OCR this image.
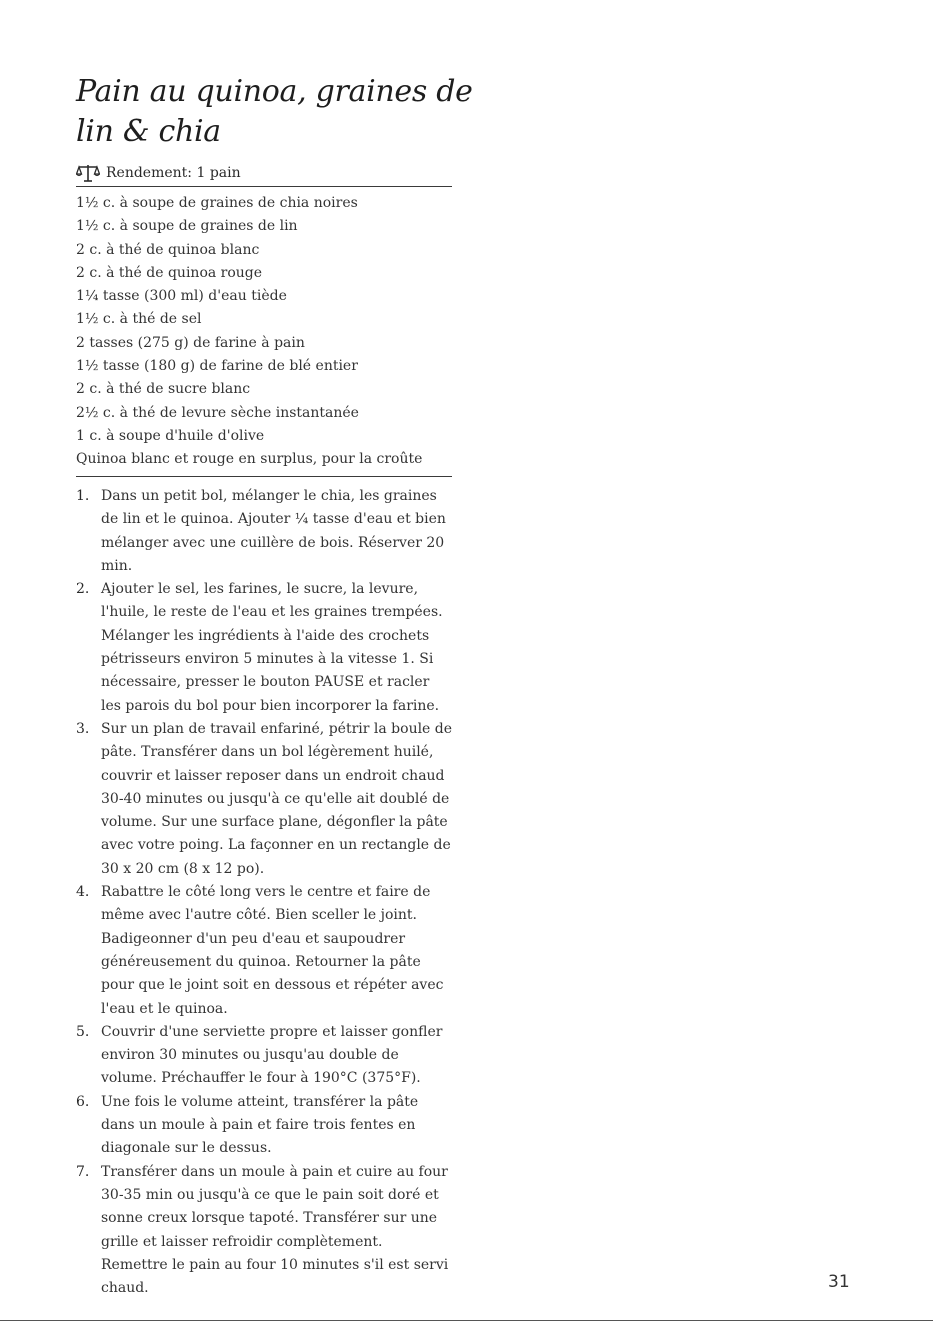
Pain au quinoa, graines de lin & chia
Rendement: 1 pain
1½ c. à soupe de graines de chia noires
1½ c. à soupe de graines de lin
2 c. à thé de quinoa blanc
2 c. à thé de quinoa rouge
1¼ tasse (300 ml) d'eau tiède
1½ c. à thé de sel
2 tasses (275 g) de farine à pain
1½ tasse (180 g) de farine de blé entier
2 c. à thé de sucre blanc
2½ c. à thé de levure sèche instantanée
1 c. à soupe d'huile d'olive
Quinoa blanc et rouge en surplus, pour la croûte
1. Dans un petit bol, mélanger le chia, les graines de lin et le quinoa. Ajouter ¼ tasse d'eau et bien mélanger avec une cuillère de bois. Réserver 20 min.
2. Ajouter le sel, les farines, le sucre, la levure, l'huile, le reste de l'eau et les graines trempées. Mélanger les ingrédients à l'aide des crochets pétrisseurs environ 5 minutes à la vitesse 1. Si nécessaire, presser le bouton PAUSE et racler les parois du bol pour bien incorporer la farine.
3. Sur un plan de travail enfariné, pétrir la boule de pâte. Transférer dans un bol légèrement huilé, couvrir et laisser reposer dans un endroit chaud 30-40 minutes ou jusqu'à ce qu'elle ait doublé de volume. Sur une surface plane, dégonfler la pâte avec votre poing. La façonner en un rectangle de 30 x 20 cm (8 x 12 po).
4. Rabattre le côté long vers le centre et faire de même avec l'autre côté. Bien sceller le joint. Badigeonner d'un peu d'eau et saupoudrer généreusement du quinoa. Retourner la pâte pour que le joint soit en dessous et répéter avec l'eau et le quinoa.
5. Couvrir d'une serviette propre et laisser gonfler environ 30 minutes ou jusqu'au double de volume. Préchauffer le four à 190°C (375°F).
6. Une fois le volume atteint, transférer la pâte dans un moule à pain et faire trois fentes en diagonale sur le dessus.
7. Transférer dans un moule à pain et cuire au four 30-35 min ou jusqu'à ce que le pain soit doré et sonne creux lorsque tapoté. Transférer sur une grille et laisser refroidir complètement. Remettre le pain au four 10 minutes s'il est servi chaud.	31
